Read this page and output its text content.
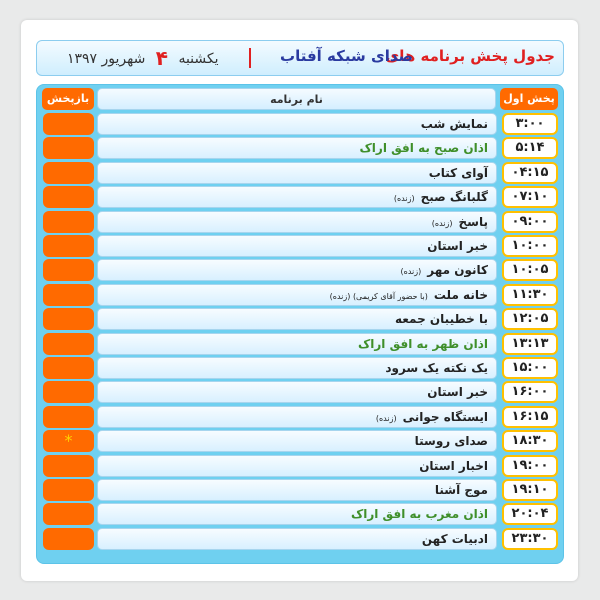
جدول پخش برنامه های
صدای شبکه آفتاب
یکشنبه ۴ شهریور ۱۳۹۷
پخش اول
نام برنامه
بازپخش
نمایش شب	۳:۰۰
اذان صبح به افق اراک	۵:۱۴
آوای کتاب	۰۴:۱۵
گلبانگ صبح(زنده)	۰۷:۱۰
پاسخ(زنده)	۰۹:۰۰
خبر استان	۱۰:۰۰
کانون مهر(زنده)	۱۰:۰۵
خانه ملت(با حضور آقای کریمی) (زنده)	۱۱:۳۰
با خطیبان جمعه	۱۲:۰۵
اذان ظهر به افق اراک	۱۳:۱۳
یک نکته یک سرود	۱۵:۰۰
خبر استان	۱۶:۰۰
ایستگاه جوانی(زنده)	۱۶:۱۵
*	صدای روستا	۱۸:۳۰
اخبار استان	۱۹:۰۰
موج آشنا	۱۹:۱۰
اذان مغرب به افق اراک	۲۰:۰۴
ادبیات کهن	۲۳:۳۰
